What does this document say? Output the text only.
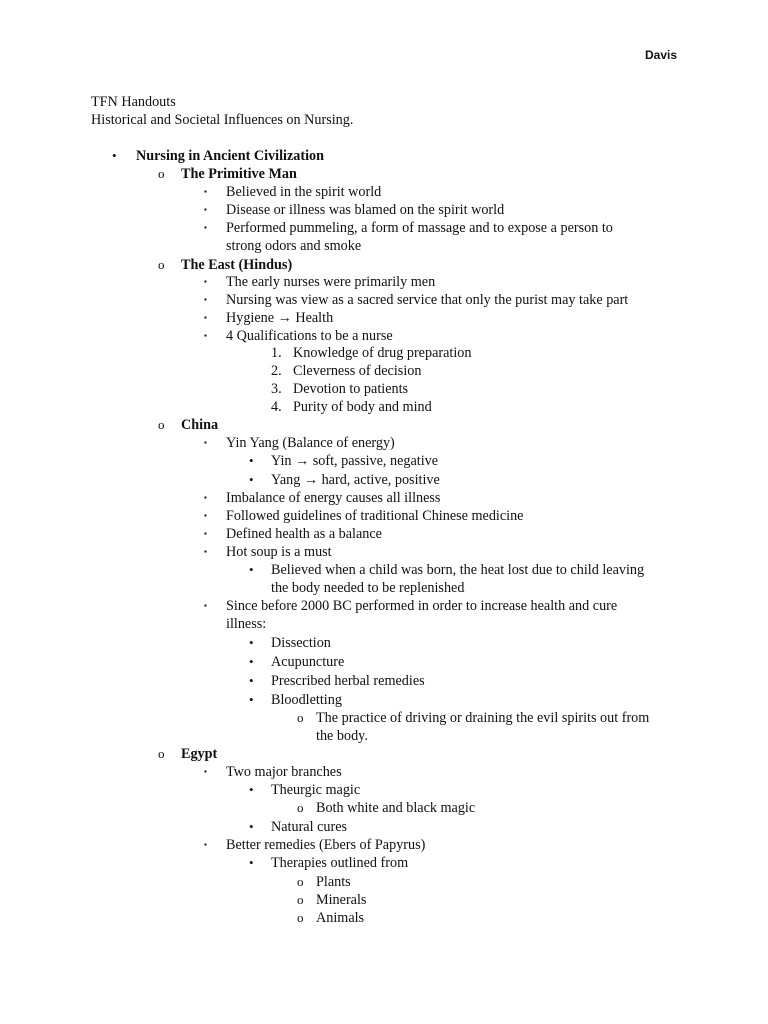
Davis
TFN Handouts
Historical and Societal Influences on Nursing.
• Nursing in Ancient Civilization
o The Primitive Man
▪ Believed in the spirit world
▪ Disease or illness was blamed on the spirit world
▪ Performed pummeling, a form of massage and to expose a person to
strong odors and smoke
o The East (Hindus)
▪ The early nurses were primarily men
▪ Nursing was view as a sacred service that only the purist may take part
▪ Hygiene → Health
▪ 4 Qualifications to be a nurse
1. Knowledge of drug preparation
2. Cleverness of decision
3. Devotion to patients
4. Purity of body and mind
o China
▪ Yin Yang (Balance of energy)
• Yin → soft, passive, negative
• Yang → hard, active, positive
▪ Imbalance of energy causes all illness
▪ Followed guidelines of traditional Chinese medicine
▪ Defined health as a balance
▪ Hot soup is a must
• Believed when a child was born, the heat lost due to child leaving
the body needed to be replenished
▪ Since before 2000 BC performed in order to increase health and cure
illness:
• Dissection
• Acupuncture
• Prescribed herbal remedies
• Bloodletting
o The practice of driving or draining the evil spirits out from
the body.
o Egypt
▪ Two major branches
• Theurgic magic
o Both white and black magic
• Natural cures
▪ Better remedies (Ebers of Papyrus)
• Therapies outlined from
o Plants
o Minerals
o Animals
